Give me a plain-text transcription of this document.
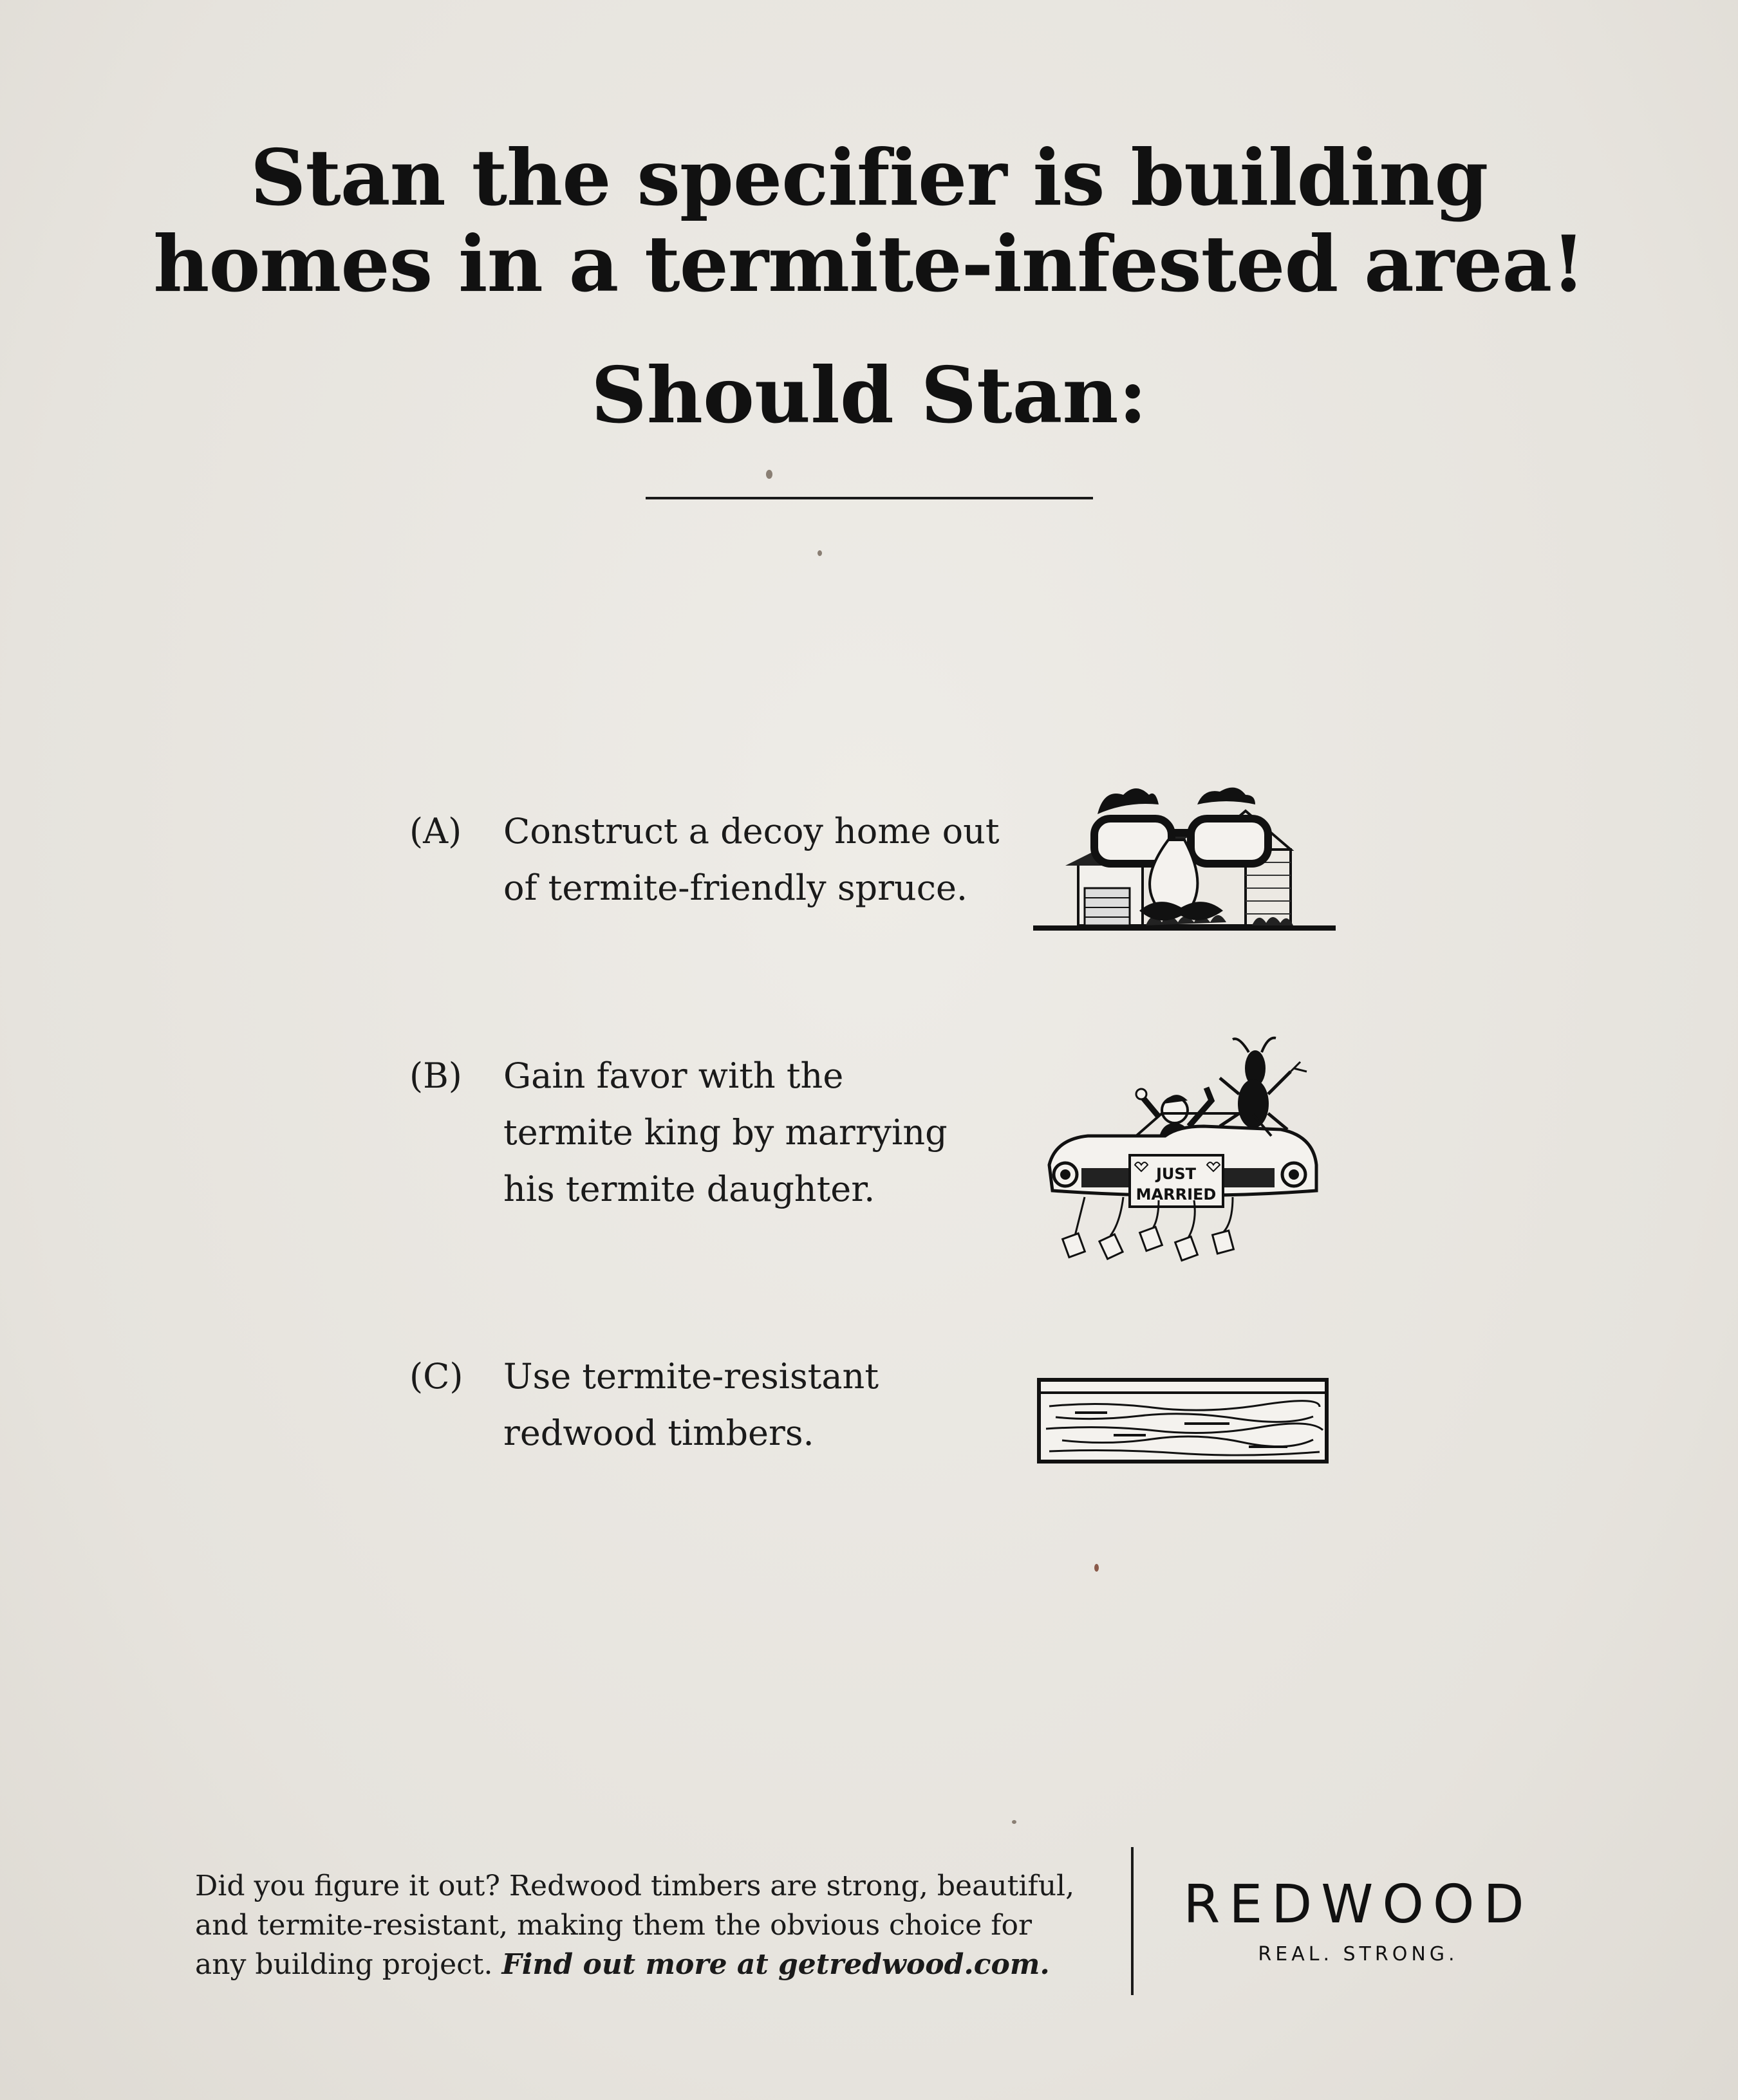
Stan the specifier is building
homes in a termite-infested area!
Should Stan:
(A) Construct a decoy home out
of termite-friendly spruce.
(B) Gain favor with the
termite king by marrying
his termite daughter.	JUST
MARRIED
(C) Use termite-resistant
redwood timbers.
Did you figure it out? Redwood timbers are strong, beautiful,
and termite-resistant, making them the obvious choice for
any building project. Find out more at getredwood.com.
REDWOOD
REAL. STRONG.
